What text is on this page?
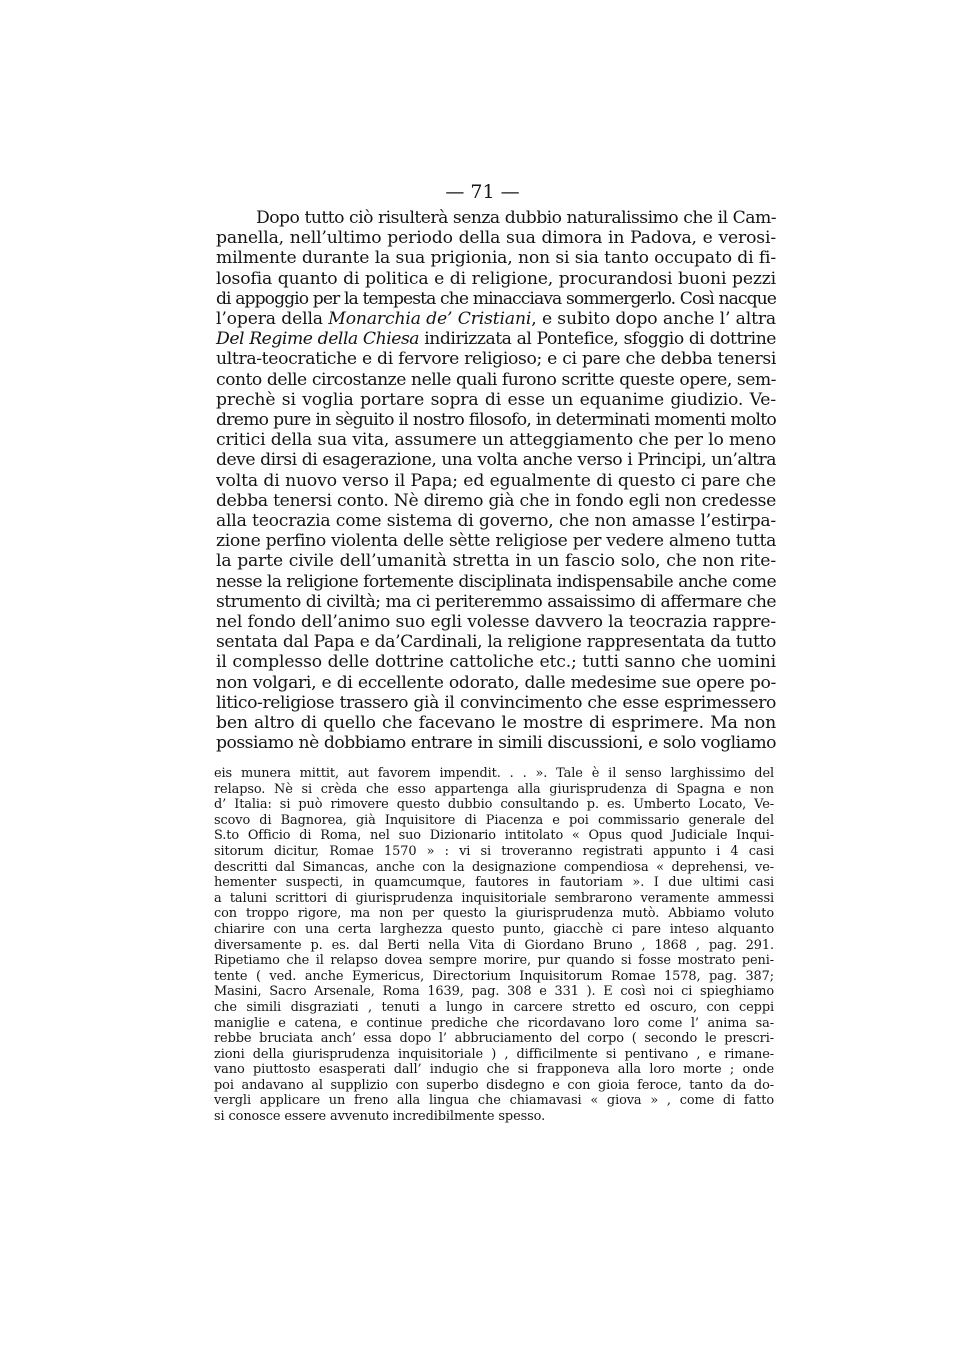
— 71 —
Dopo tutto ciò risulterà senza dubbio naturalissimo che il Cam-
panella, nell’ultimo periodo della sua dimora in Padova, e verosi-
milmente durante la sua prigionia, non si sia tanto occupato di fi-
losofia quanto di politica e di religione, procurandosi buoni pezzi
di appoggio per la tempesta che minacciava sommergerlo. Così nacque
l’opera della Monarchia de’ Cristiani, e subito dopo anche l’ altra
Del Regime della Chiesa indirizzata al Pontefice, sfoggio di dottrine
ultra-teocratiche e di fervore religioso; e ci pare che debba tenersi
conto delle circostanze nelle quali furono scritte queste opere, sem-
prechè si voglia portare sopra di esse un equanime giudizio. Ve-
dremo pure in sèguito il nostro filosofo, in determinati momenti molto
critici della sua vita, assumere un atteggiamento che per lo meno
deve dirsi di esagerazione, una volta anche verso i Principi, un’altra
volta di nuovo verso il Papa; ed egualmente di questo ci pare che
debba tenersi conto. Nè diremo già che in fondo egli non credesse
alla teocrazia come sistema di governo, che non amasse l’estirpa-
zione perfino violenta delle sètte religiose per vedere almeno tutta
la parte civile dell’umanità stretta in un fascio solo, che non rite-
nesse la religione fortemente disciplinata indispensabile anche come
strumento di civiltà; ma ci periteremmo assaissimo di affermare che
nel fondo dell’animo suo egli volesse davvero la teocrazia rappre-
sentata dal Papa e da’Cardinali, la religione rappresentata da tutto
il complesso delle dottrine cattoliche etc.; tutti sanno che uomini
non volgari, e di eccellente odorato, dalle medesime sue opere po-
litico-religiose trassero già il convincimento che esse esprimessero
ben altro di quello che facevano le mostre di esprimere. Ma non
possiamo nè dobbiamo entrare in simili discussioni, e solo vogliamo
eis munera mittit, aut favorem impendit. . . ». Tale è il senso larghissimo del
relapso. Nè si crèda che esso appartenga alla giurisprudenza di Spagna e non
d’ Italia: si può rimovere questo dubbio consultando p. es. Umberto Locato, Ve-
scovo di Bagnorea, già Inquisitore di Piacenza e poi commissario generale del
S.to Officio di Roma, nel suo Dizionario intitolato « Opus quod Judiciale Inqui-
sitorum dicitur, Romae 1570 » : vi si troveranno registrati appunto i 4 casi
descritti dal Simancas, anche con la designazione compendiosa « deprehensi, ve-
hementer suspecti, in quamcumque, fautores in fautoriam ». I due ultimi casi
a taluni scrittori di giurisprudenza inquisitoriale sembrarono veramente ammessi
con troppo rigore, ma non per questo la giurisprudenza mutò. Abbiamo voluto
chiarire con una certa larghezza questo punto, giacchè ci pare inteso alquanto
diversamente p. es. dal Berti nella Vita di Giordano Bruno , 1868 , pag. 291.
Ripetiamo che il relapso dovea sempre morire, pur quando si fosse mostrato peni-
tente ( ved. anche Eymericus, Directorium Inquisitorum Romae 1578, pag. 387;
Masini, Sacro Arsenale, Roma 1639, pag. 308 e 331 ). E così noi ci spieghiamo
che simili disgraziati , tenuti a lungo in carcere stretto ed oscuro, con ceppi
maniglie e catena, e continue prediche che ricordavano loro come l’ anima sa-
rebbe bruciata anch’ essa dopo l’ abbruciamento del corpo ( secondo le prescri-
zioni della giurisprudenza inquisitoriale ) , difficilmente si pentivano , e rimane-
vano piuttosto esasperati dall’ indugio che si frapponeva alla loro morte ; onde
poi andavano al supplizio con superbo disdegno e con gioia feroce, tanto da do-
vergli applicare un freno alla lingua che chiamavasi « giova » , come di fatto
si conosce essere avvenuto incredibilmente spesso.
